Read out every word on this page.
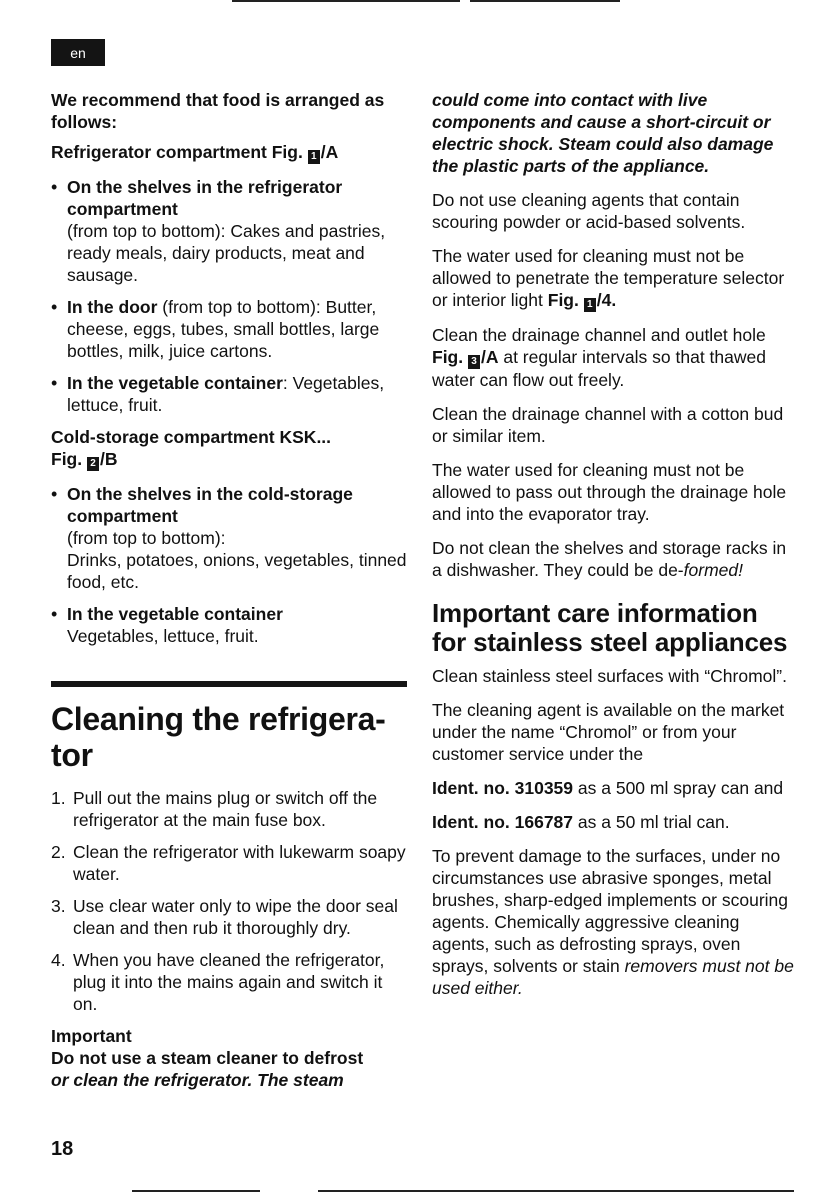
en

We recommend that food is arranged as follows:

Refrigerator compartment Fig. 1 /A

• On the shelves in the refrigerator compartment
(from top to bottom): Cakes and pastries, ready meals, dairy products, meat and sausage.
• In the door (from top to bottom): Butter, cheese, eggs, tubes, small bottles, large bottles, milk, juice cartons.
• In the vegetable container: Vegetables, lettuce, fruit.

Cold-storage compartment KSK...
Fig. 2 /B

• On the shelves in the cold-storage compartment
(from top to bottom):
Drinks, potatoes, onions, vegetables, tinned food, etc.
• In the vegetable container
Vegetables, lettuce, fruit.
Cleaning the refrigera-tor
1. Pull out the mains plug or switch off the refrigerator at the main fuse box.
2. Clean the refrigerator with lukewarm soapy water.
3. Use clear water only to wipe the door seal clean and then rub it thoroughly dry.
4. When you have cleaned the refrigerator, plug it into the mains again and switch it on.

Important

Do not use a steam cleaner to defrost

or clean the refrigerator. The steam

could come into contact with live components and cause a short-circuit or electric shock. Steam could also damage the plastic parts of the appliance.

Do not use cleaning agents that contain scouring powder or acid-based solvents.

The water used for cleaning must not be allowed to penetrate the temperature selector or interior light Fig. 1 /4.

Clean the drainage channel and outlet hole Fig. 3 /A at regular intervals so that thawed water can flow out freely.

Clean the drainage channel with a cotton bud or similar item.

The water used for cleaning must not be allowed to pass out through the drainage hole and into the evaporator tray.

Do not clean the shelves and storage racks in a dishwasher. They could be de-formed!

Important care information for stainless steel appliances

Clean stainless steel surfaces with “Chromol”.

The cleaning agent is available on the market under the name “Chromol” or from your customer service under the

Ident. no. 310359 as a 500 ml spray can and

Ident. no. 166787 as a 50 ml trial can.

To prevent damage to the surfaces, under no circumstances use abrasive sponges, metal brushes, sharp-edged implements or scouring agents. Chemically aggressive cleaning agents, such as defrosting sprays, oven sprays, solvents or stain removers must not be used either.

18
